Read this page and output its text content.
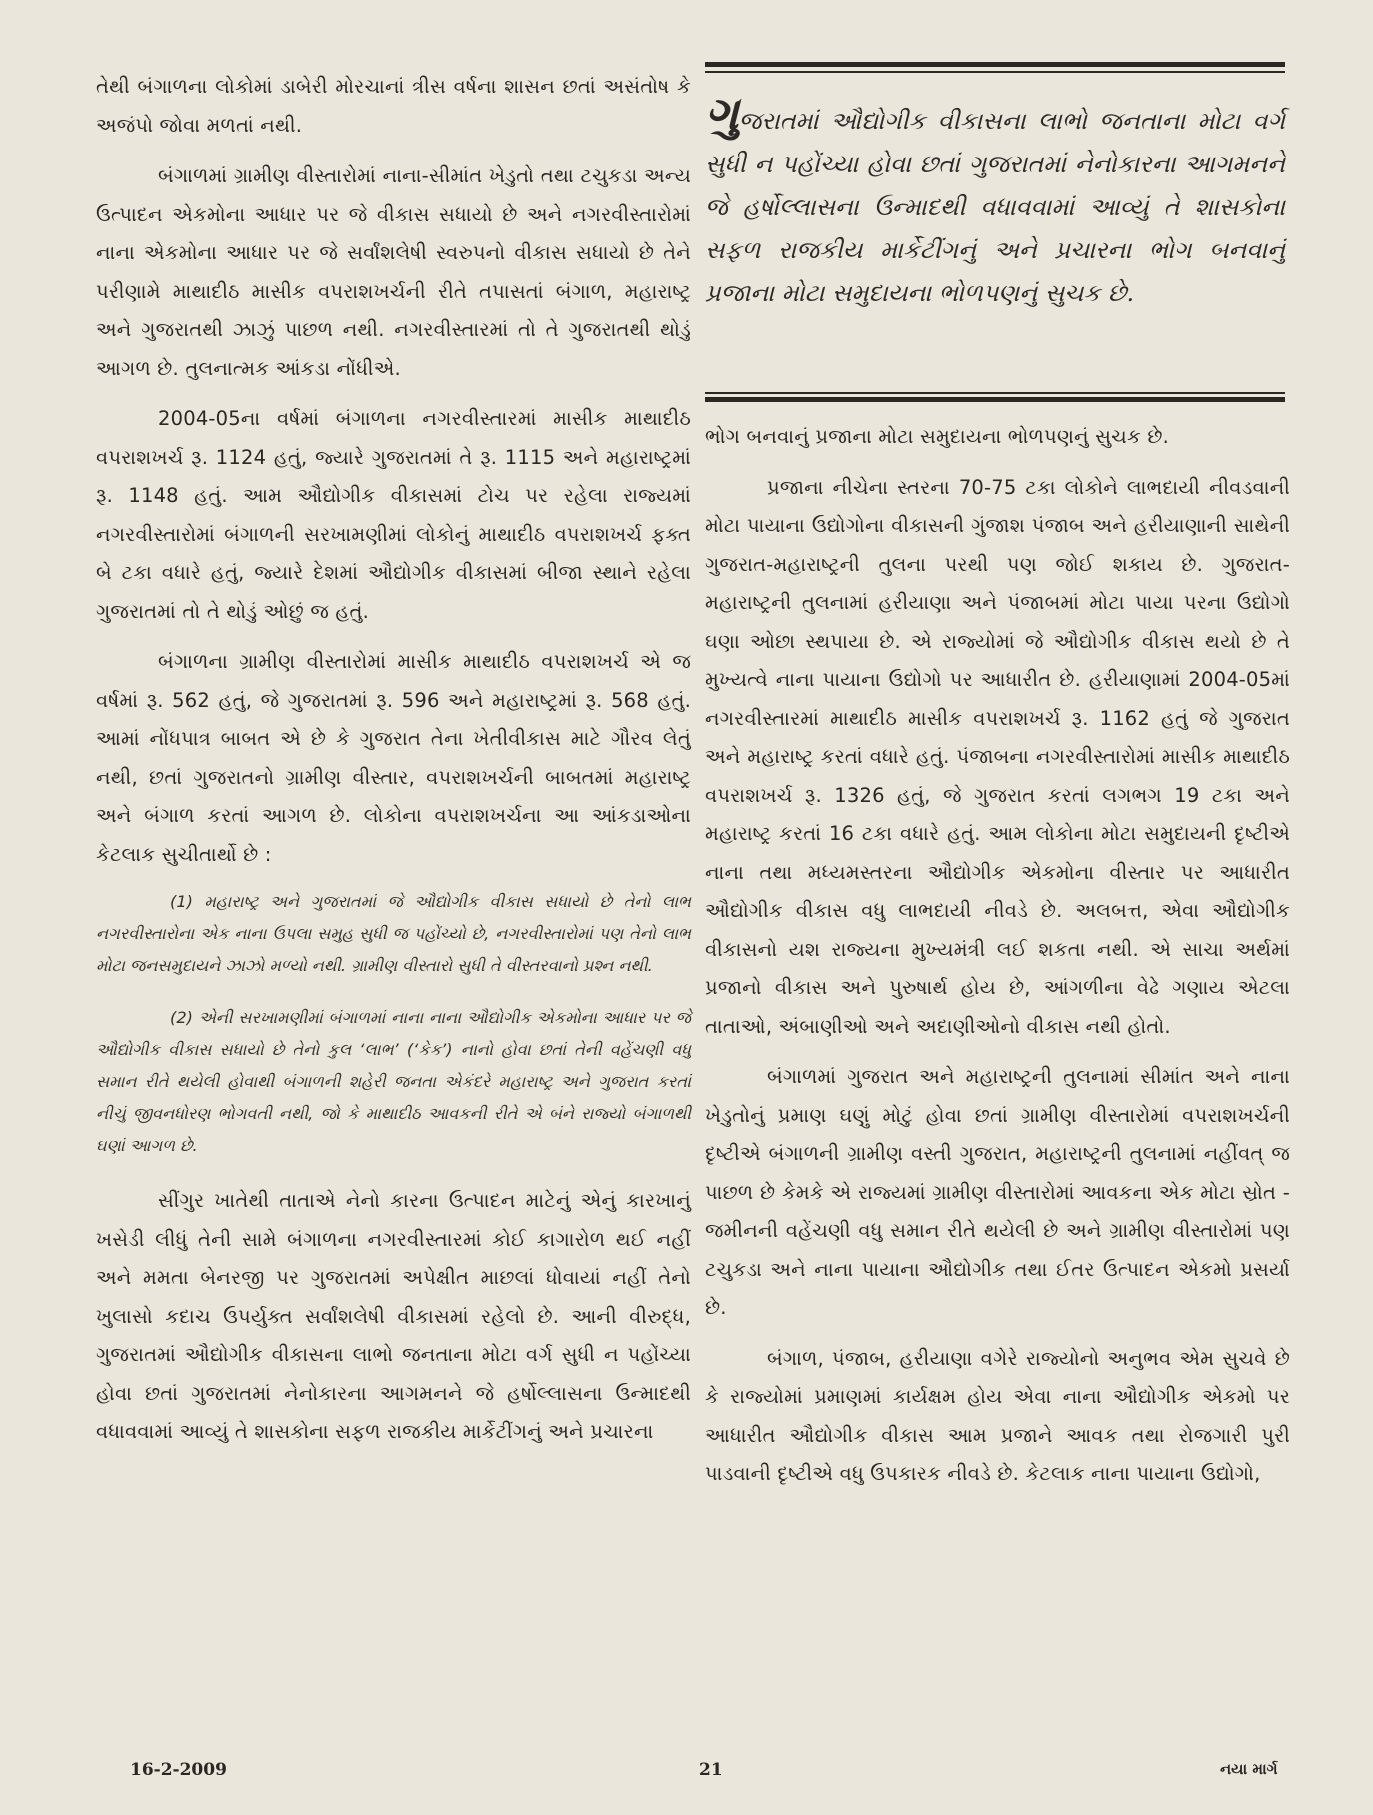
તેથી બંગાળના લોકોમાં ડાબેરી મોરચાનાં ત્રીસ વર્ષના શાસન છતાં અસંતોષ કે અજંપો જોવા મળતાં નથી.

બંગાળમાં ગ્રામીણ વીસ્તારોમાં નાના-સીમાંત ખેડુતો તથા ટચુકડા અન્ય ઉત્પાદન એકમોના આધાર પર જે વીકાસ સધાયો છે અને નગરવીસ્તારોમાં નાના એકમોના આધાર પર જે સર્વાંશલેષી સ્વરુપનો વીકાસ સધાયો છે તેને પરીણામે માથાદીઠ માસીક વપરાશખર્ચની રીતે તપાસતાં બંગાળ, મહારાષ્ટ્ર અને ગુજરાતથી ઝાઝું પાછળ નથી. નગરવીસ્તારમાં તો તે ગુજરાતથી થોડું આગળ છે. તુલનાત્મક આંકડા નોંધીએ.

2004-05ના વર્ષમાં બંગાળના નગરવીસ્તારમાં માસીક માથાદીઠ વપરાશખર્ચ રૂ. 1124 હતું, જ્યારે ગુજરાતમાં તે રૂ. 1115 અને મહારાષ્ટ્રમાં રૂ. 1148 હતું. આમ ઔદ્યોગીક વીકાસમાં ટોચ પર રહેલા રાજ્યમાં નગરવીસ્તારોમાં બંગાળની સરખામણીમાં લોકોનું માથાદીઠ વપરાશખર્ચ ફક્ત બે ટકા વધારે હતું, જ્યારે દેશમાં ઔદ્યોગીક વીકાસમાં બીજા સ્થાને રહેલા ગુજરાતમાં તો તે થોડું ઓછું જ હતું.

બંગાળના ગ્રામીણ વીસ્તારોમાં માસીક માથાદીઠ વપરાશખર્ચ એ જ વર્ષમાં રૂ. 562 હતું, જે ગુજરાતમાં રૂ. 596 અને મહારાષ્ટ્રમાં રૂ. 568 હતું. આમાં નોંધપાત્ર બાબત એ છે કે ગુજરાત તેના ખેતીવીકાસ માટે ગૌરવ લેતું નથી, છતાં ગુજરાતનો ગ્રામીણ વીસ્તાર, વપરાશખર્ચની બાબતમાં મહારાષ્ટ્ર અને બંગાળ કરતાં આગળ છે. લોકોના વપરાશખર્ચના આ આંકડાઓના કેટલાક સુચીતાર્થો છે :

(1) મહારાષ્ટ્ર અને ગુજરાતમાં જે ઔદ્યોગીક વીકાસ સધાયો છે તેનો લાભ નગરવીસ્તારોના એક નાના ઉપલા સમુહ સુધી જ પહોંચ્યો છે, નગરવીસ્તારોમાં પણ તેનો લાભ મોટા જનસમુદાયને ઝાઝો મળ્યો નથી. ગ્રામીણ વીસ્તારો સુધી તે વીસ્તરવાનો પ્રશ્ન નથી.

(2) એની સરખામણીમાં બંગાળમાં નાના નાના ઔદ્યોગીક એકમોના આધાર પર જે ઔદ્યોગીક વીકાસ સધાયો છે તેનો કુલ ‘લાભ’ (‘કેક’) નાનો હોવા છતાં તેની વહેંચણી વધુ સમાન રીતે થયેલી હોવાથી બંગાળની શહેરી જનતા એકંદરે મહારાષ્ટ્ર અને ગુજરાત કરતાં નીચું જીવનધોરણ ભોગવતી નથી, જો કે માથાદીઠ આવકની રીતે એ બંને રાજ્યો બંગાળથી ઘણાં આગળ છે.

સીંગુર ખાતેથી તાતાએ નેનો કારના ઉત્પાદન માટેનું એનું કારખાનું ખસેડી લીધું તેની સામે બંગાળના નગરવીસ્તારમાં કોઈ કાગારોળ થઈ નહીં અને મમતા બેનરજી પર ગુજરાતમાં અપેક્ષીત માછલાં ધોવાયાં નહીં તેનો ખુલાસો કદાચ ઉપર્યુક્ત સર્વાંશલેષી વીકાસમાં રહેલો છે. આની વીરુદ્ધ, ગુજરાતમાં ઔદ્યોગીક વીકાસના લાભો જનતાના મોટા વર્ગ સુધી ન પહોંચ્યા હોવા છતાં ગુજરાતમાં નેનોકારના આગમનને જે હર્ષોલ્લાસના ઉન્માદથી વધાવવામાં આવ્યું તે શાસકોના સફળ રાજકીય માર્કેટીંગનું અને પ્રચારના

ગુજરાતમાં ઔદ્યોગીક વીકાસના લાભો જનતાના મોટા વર્ગ સુધી ન પહોંચ્યા હોવા છતાં ગુજરાતમાં નેનોકારના આગમનને જે હર્ષોલ્લાસના ઉન્માદથી વધાવવામાં આવ્યું તે શાસકોના સફળ રાજકીય માર્કેટીંગનું અને પ્રચારના ભોગ બનવાનું પ્રજાના મોટા સમુદાયના ભોળપણનું સુચક છે.

ભોગ બનવાનું પ્રજાના મોટા સમુદાયના ભોળપણનું સુચક છે.

પ્રજાના નીચેના સ્તરના 70-75 ટકા લોકોને લાભદાયી નીવડવાની મોટા પાયાના ઉદ્યોગોના વીકાસની ગુંજાશ પંજાબ અને હરીયાણાની સાથેની ગુજરાત-મહારાષ્ટ્રની તુલના પરથી પણ જોઈ શકાય છે. ગુજરાત-મહારાષ્ટ્રની તુલનામાં હરીયાણા અને પંજાબમાં મોટા પાયા પરના ઉદ્યોગો ઘણા ઓછા સ્થપાયા છે. એ રાજ્યોમાં જે ઔદ્યોગીક વીકાસ થયો છે તે મુખ્યત્વે નાના પાયાના ઉદ્યોગો પર આધારીત છે. હરીયાણામાં 2004-05માં નગરવીસ્તારમાં માથાદીઠ માસીક વપરાશખર્ચ રૂ. 1162 હતું જે ગુજરાત અને મહારાષ્ટ્ર કરતાં વધારે હતું. પંજાબના નગરવીસ્તારોમાં માસીક માથાદીઠ વપરાશખર્ચ રૂ. 1326 હતું, જે ગુજરાત કરતાં લગભગ 19 ટકા અને મહારાષ્ટ્ર કરતાં 16 ટકા વધારે હતું. આમ લોકોના મોટા સમુદાયની દૃષ્ટીએ નાના તથા મધ્યમસ્તરના ઔદ્યોગીક એકમોના વીસ્તાર પર આધારીત ઔદ્યોગીક વીકાસ વધુ લાભદાયી નીવડે છે. અલબત્ત, એવા ઔદ્યોગીક વીકાસનો યશ રાજ્યના મુખ્યમંત્રી લઈ શકતા નથી. એ સાચા અર્થમાં પ્રજાનો વીકાસ અને પુરુષાર્થ હોય છે, આંગળીના વેઢે ગણાય એટલા તાતાઓ, અંબાણીઓ અને અદાણીઓનો વીકાસ નથી હોતો.

બંગાળમાં ગુજરાત અને મહારાષ્ટ્રની તુલનામાં સીમાંત અને નાના ખેડુતોનું પ્રમાણ ઘણું મોટું હોવા છતાં ગ્રામીણ વીસ્તારોમાં વપરાશખર્ચની દૃષ્ટીએ બંગાળની ગ્રામીણ વસ્તી ગુજરાત, મહારાષ્ટ્રની તુલનામાં નહીંવત્ જ પાછળ છે કેમકે એ રાજ્યમાં ગ્રામીણ વીસ્તારોમાં આવકના એક મોટા સ્રોત - જમીનની વહેંચણી વધુ સમાન રીતે થયેલી છે અને ગ્રામીણ વીસ્તારોમાં પણ ટચુકડા અને નાના પાયાના ઔદ્યોગીક તથા ઈતર ઉત્પાદન એકમો પ્રસર્યા છે.

બંગાળ, પંજાબ, હરીયાણા વગેરે રાજ્યોનો અનુભવ એમ સુચવે છે કે રાજ્યોમાં પ્રમાણમાં કાર્યક્ષમ હોય એવા નાના ઔદ્યોગીક એકમો પર આધારીત ઔદ્યોગીક વીકાસ આમ પ્રજાને આવક તથા રોજગારી પુરી પાડવાની દૃષ્ટીએ વધુ ઉપકારક નીવડે છે. કેટલાક નાના પાયાના ઉદ્યોગો,

16-2-2009	21	નયા માર્ગ
